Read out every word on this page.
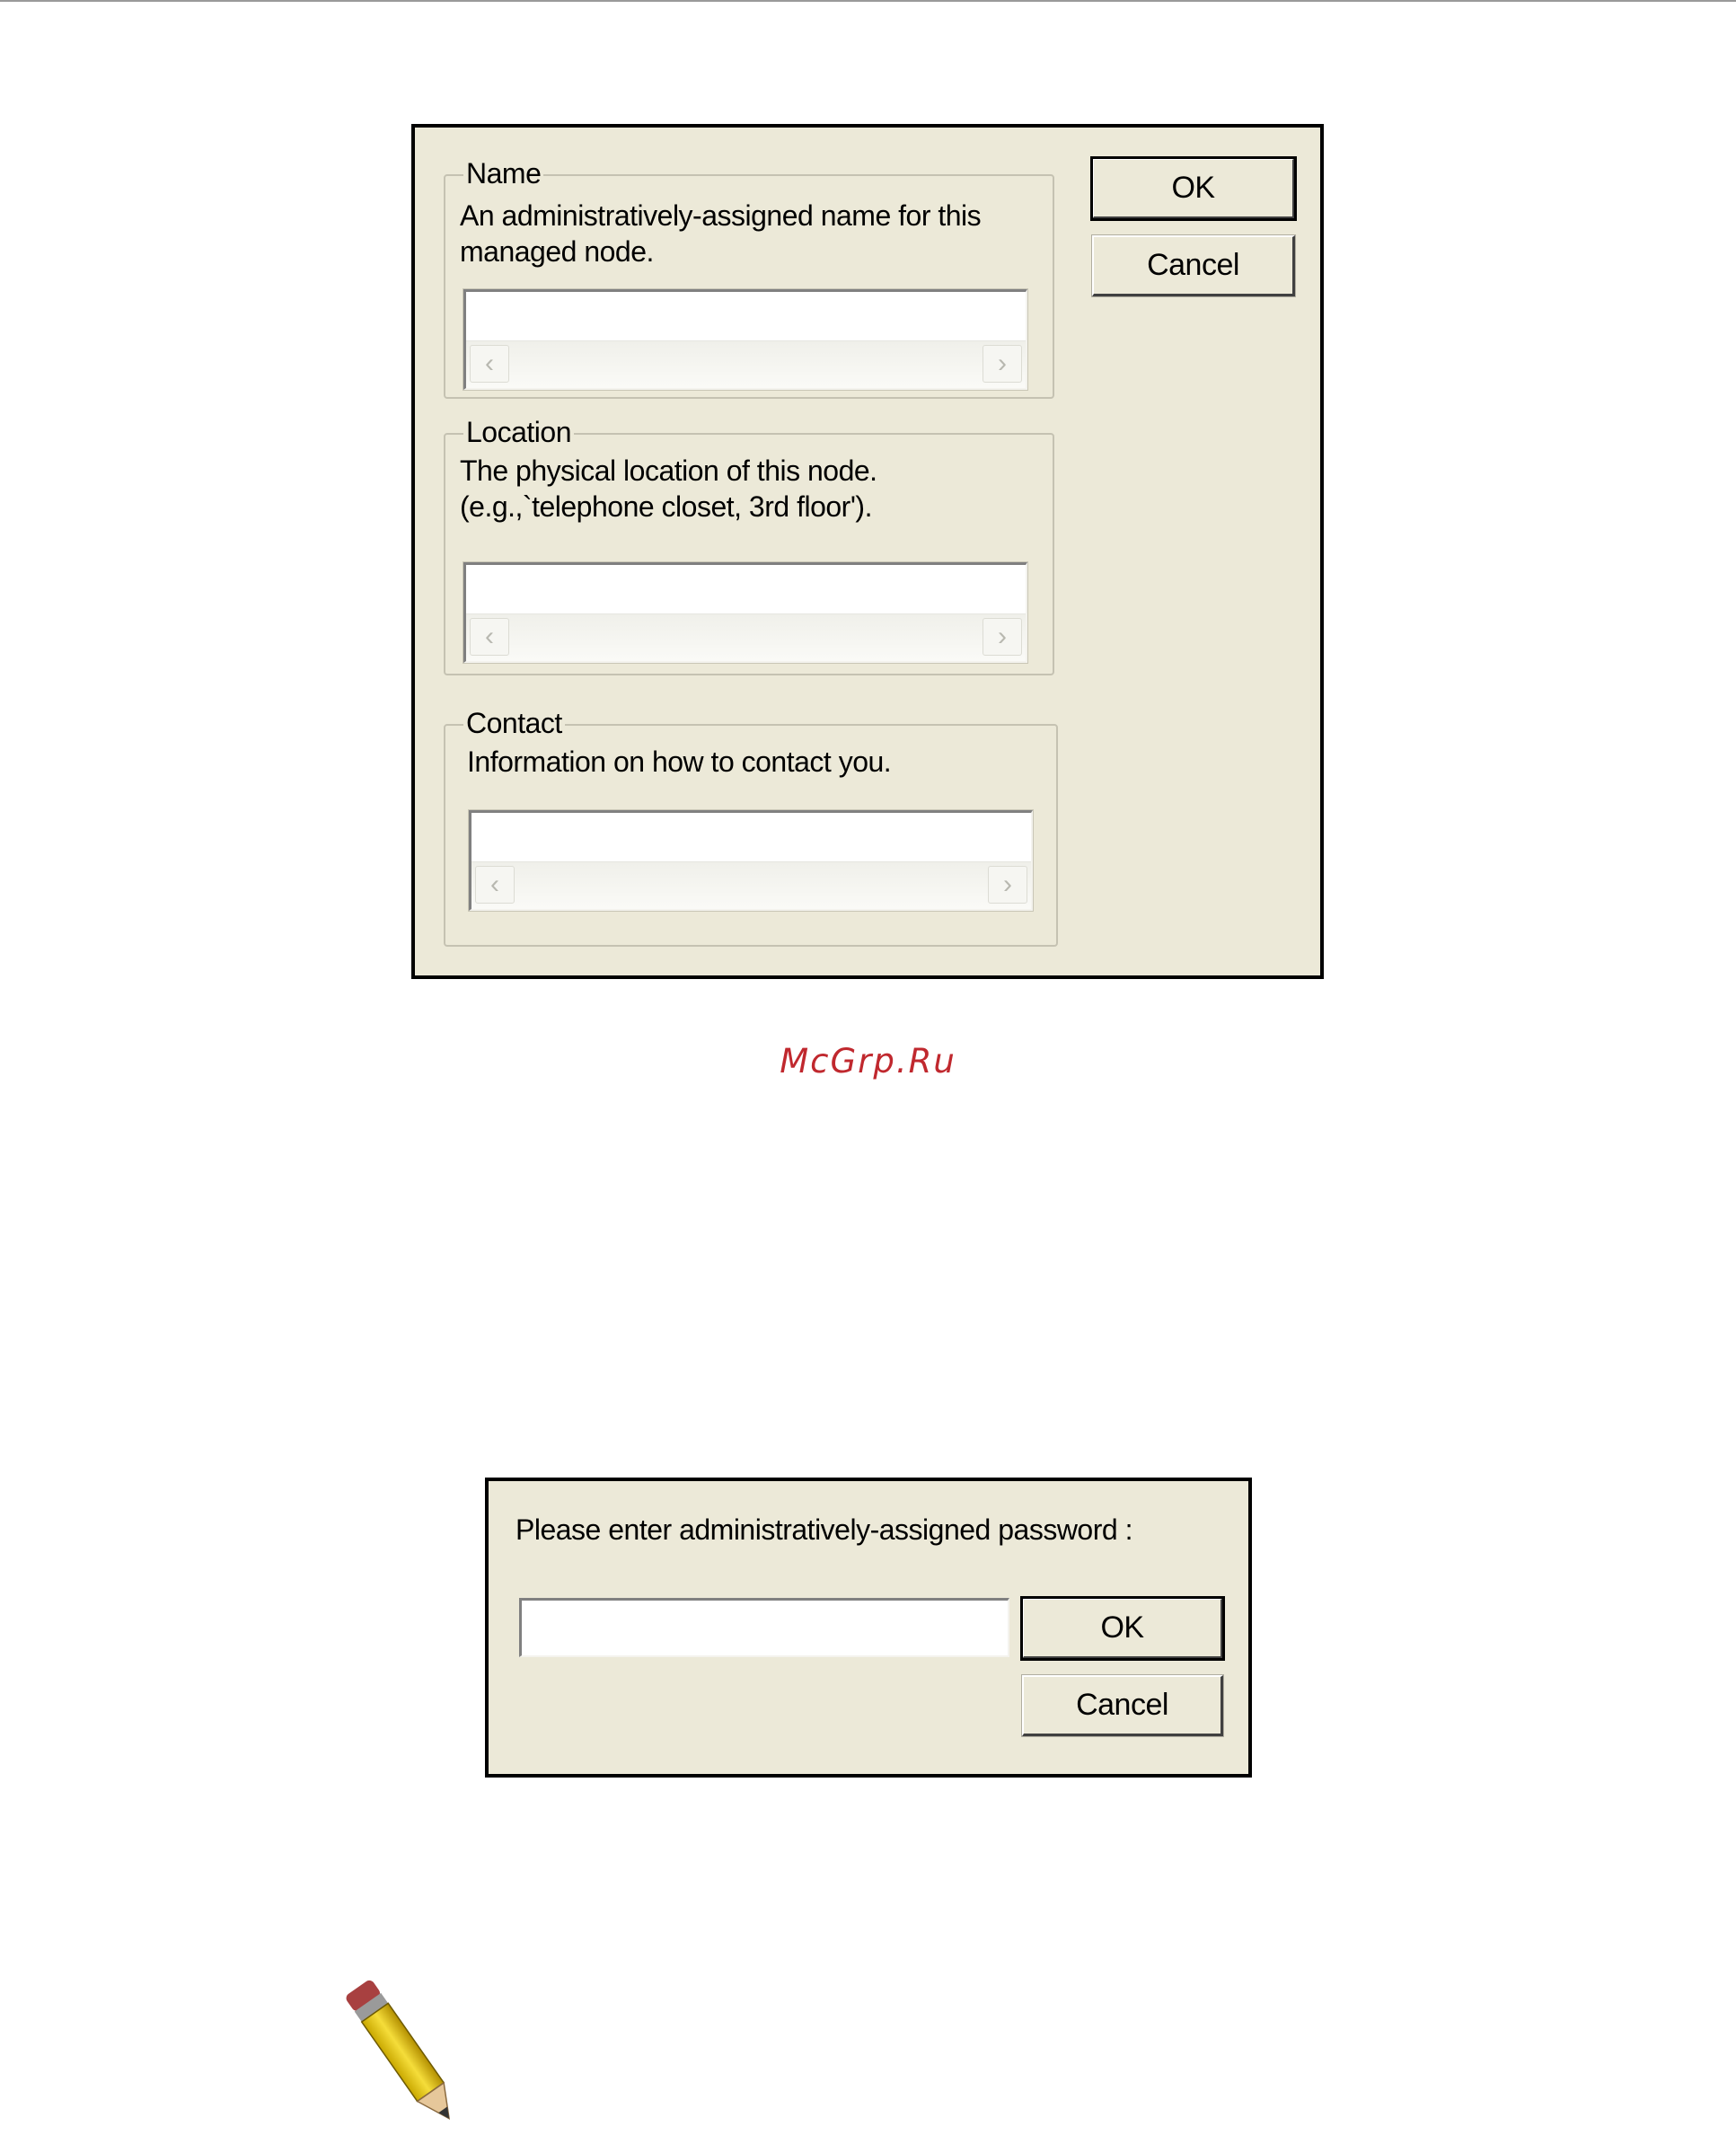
Name
An administratively-assigned name for this
managed node.
‹	›
Location
The physical location of this node.
(e.g.,`telephone closet, 3rd floor').
‹	›
Contact
Information on how to contact you.
‹	›
OK
Cancel
McGrp.Ru
Please enter administratively-assigned password :
OK
Cancel
